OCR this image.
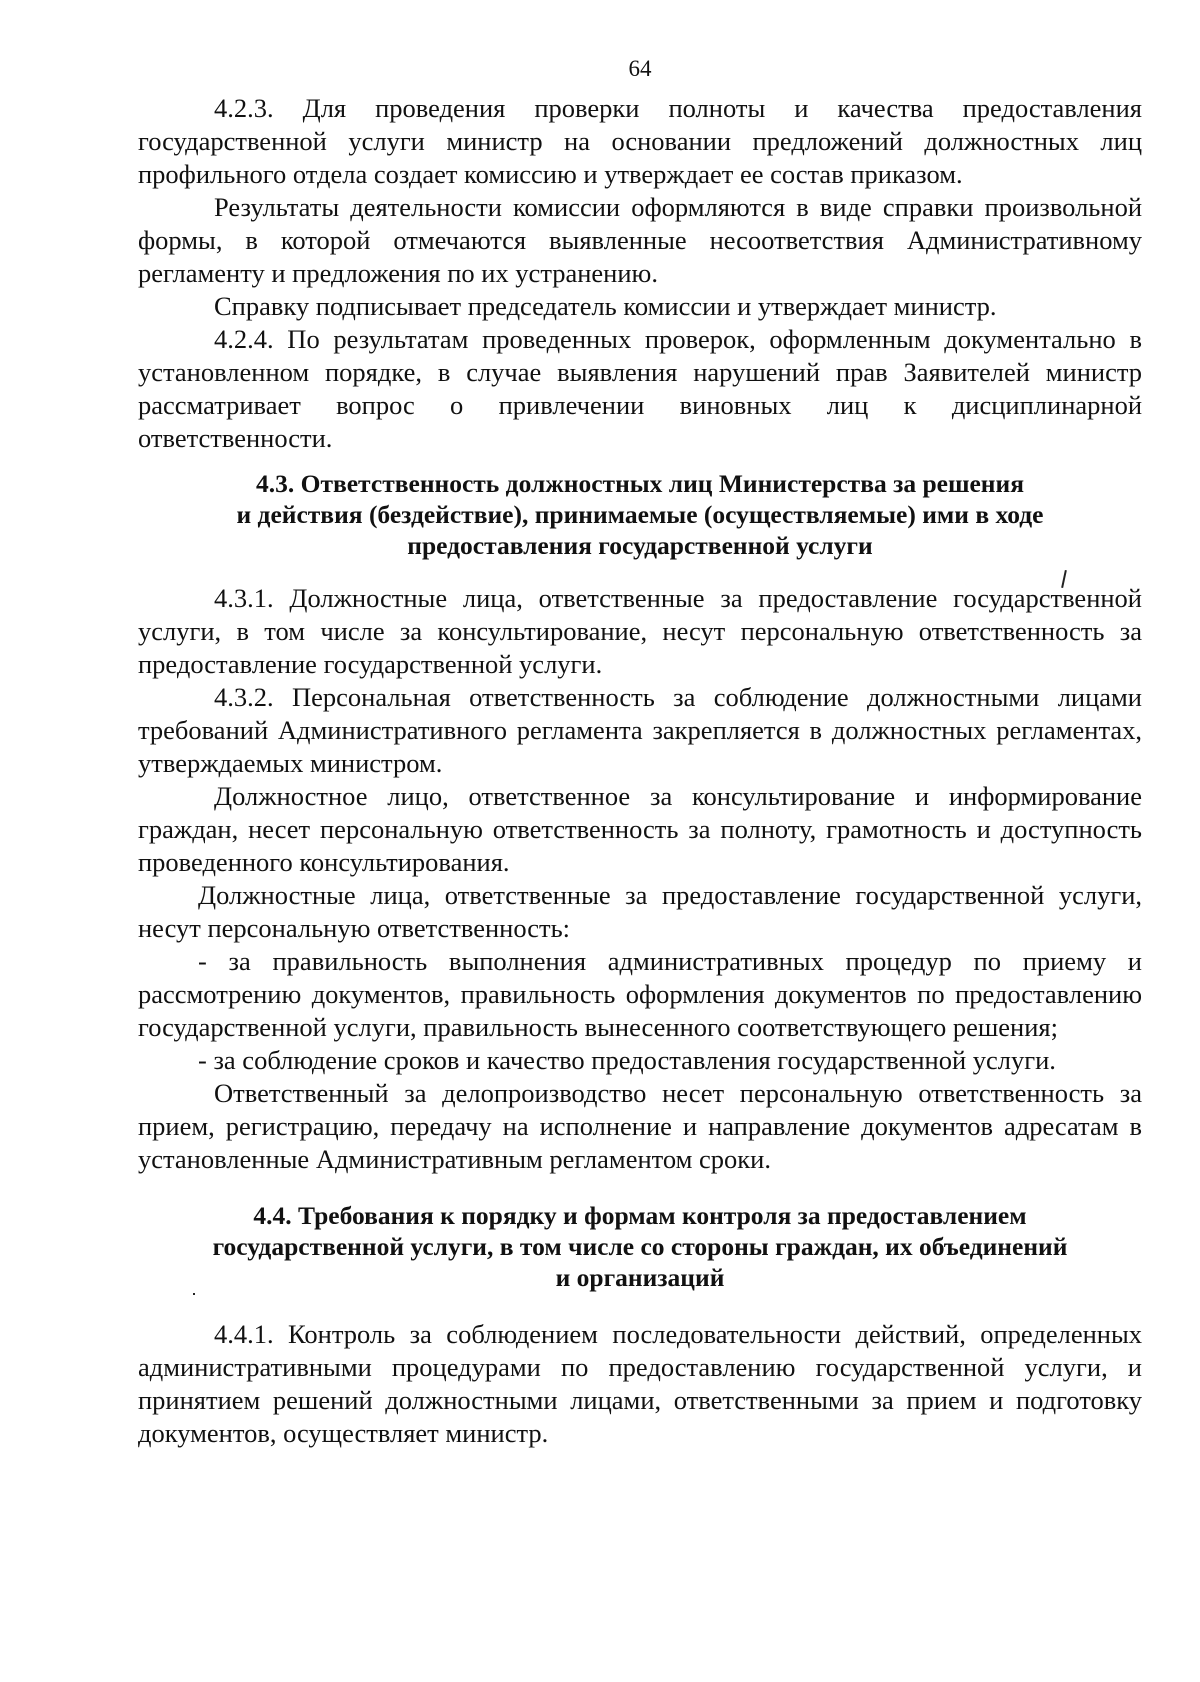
64

4.2.3. Для проведения проверки полноты и качества предоставления государственной услуги министр на основании предложений должностных лиц профильного отдела создает комиссию и утверждает ее состав приказом.

Результаты деятельности комиссии оформляются в виде справки произвольной формы, в которой отмечаются выявленные несоответствия Административному регламенту и предложения по их устранению.

Справку подписывает председатель комиссии и утверждает министр.

4.2.4. По результатам проведенных проверок, оформленным документально в установленном порядке, в случае выявления нарушений прав Заявителей министр рассматривает вопрос о привлечении виновных лиц к дисциплинарной ответственности.

4.3. Ответственность должностных лиц Министерства за решения
и действия (бездействие), принимаемые (осуществляемые) ими в ходе
предоставления государственной услуги

4.3.1. Должностные лица, ответственные за предоставление государственной услуги, в том числе за консультирование, несут персональную ответственность за предоставление государственной услуги.

4.3.2. Персональная ответственность за соблюдение должностными лицами требований Административного регламента закрепляется в должностных регламентах, утверждаемых министром.

Должностное лицо, ответственное за консультирование и информирование граждан, несет персональную ответственность за полноту, грамотность и доступность проведенного консультирования.

Должностные лица, ответственные за предоставление государственной услуги, несут персональную ответственность:

- за правильность выполнения административных процедур по приему и рассмотрению документов, правильность оформления документов по предоставлению государственной услуги, правильность вынесенного соответствующего решения;

- за соблюдение сроков и качество предоставления государственной услуги.

Ответственный за делопроизводство несет персональную ответственность за прием, регистрацию, передачу на исполнение и направление документов адресатам в установленные Административным регламентом сроки.

4.4. Требования к порядку и формам контроля за предоставлением
государственной услуги, в том числе со стороны граждан, их объединений
и организаций

4.4.1. Контроль за соблюдением последовательности действий, определенных административными процедурами по предоставлению государственной услуги, и принятием решений должностными лицами, ответственными за прием и подготовку документов, осуществляет министр.
